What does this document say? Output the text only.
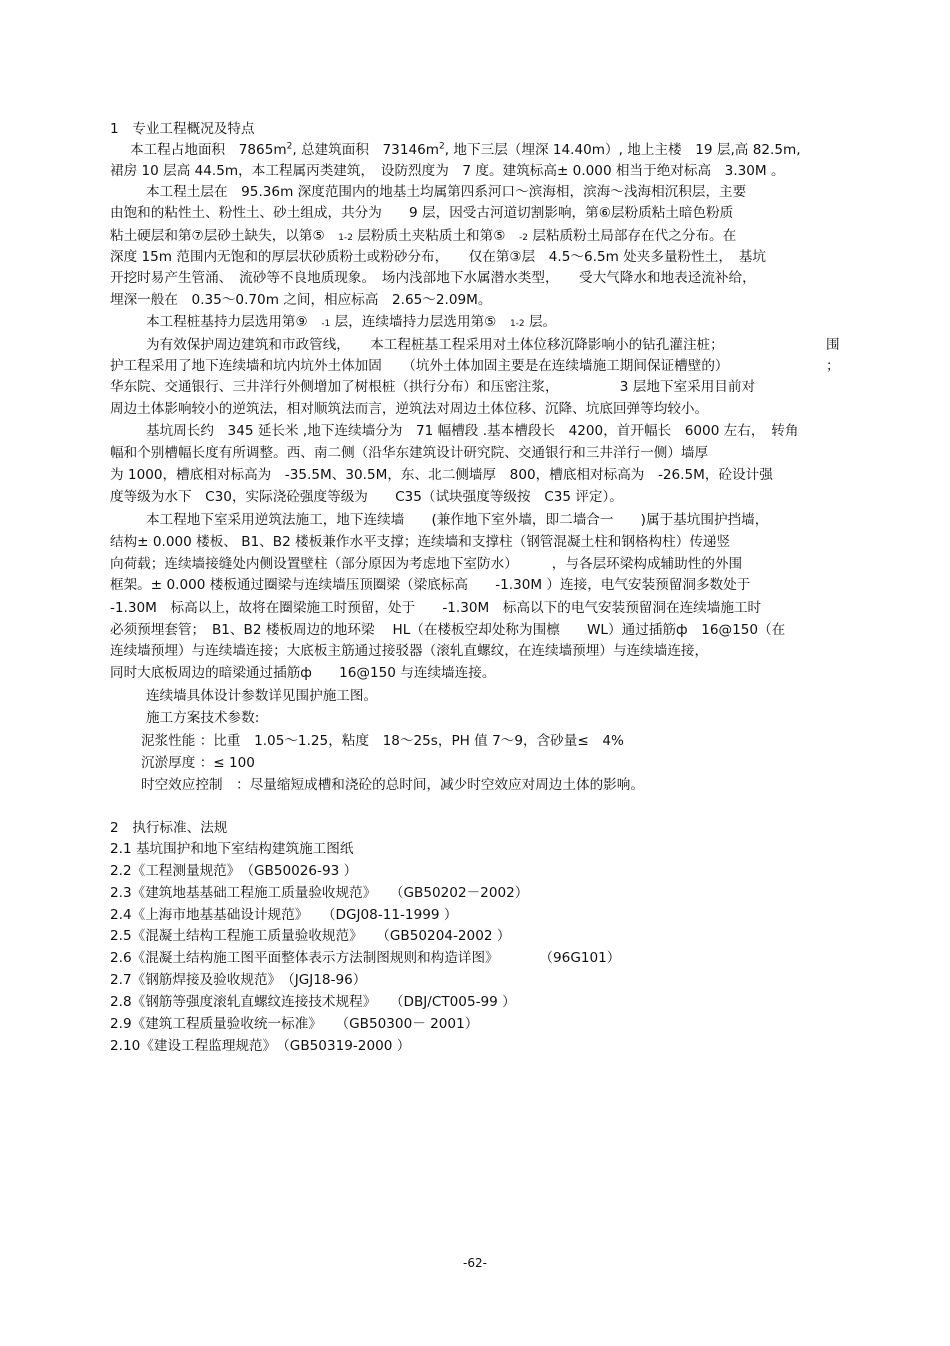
1　专业工程概况及特点

本工程占地面积　$7865m^2$, 总建筑面积　$73146m^2$, 地下三层（埋深 14.40m）, 地上主楼　19 层,高 82.5m,

裙房 10 层高 44.5m，本工程属丙类建筑，　设防烈度为　7 度。建筑标高± 0.000 相当于绝对标高　3.30M 。

本工程土层在　95.36m 深度范围内的地基土均属第四系河口～滨海相，滨海～浅海相沉积层，主要

由饱和的粘性土、粉性土、砂土组成，共分为　　9 层，因受古河道切割影响，第⑥层粉质粘土暗色粉质

粘土硬层和第⑦层砂土缺失，以第⑤　1-2 层粉质土夹粘质土和第⑤　-2 层粘质粉土局部存在代之分布。在

深度 15m 范围内无饱和的厚层状砂质粉土或粉砂分布，　　仅在第③层　4.5～6.5m 处夹多量粉性土，　基坑

开挖时易产生管涌、　流砂等不良地质现象。　场内浅部地下水属潜水类型，　　受大气降水和地表迳流补给，

埋深一般在　0.35～0.70m 之间，相应标高　2.65～2.09M。

本工程桩基持力层选用第⑨　-1 层，连续墙持力层选用第⑤　1-2 层。

为有效保护周边建筑和市政管线，　　本工程桩基工程采用对土体位移沉降影响小的钻孔灌注桩；	围

护工程采用了地下连续墙和坑内坑外土体加固　　（坑外土体加固主要是在连续墙施工期间保证槽壁的）	；

华东院、交通银行、三井洋行外侧增加了树根桩（拱行分布）和压密注浆，　　　　　3 层地下室采用目前对

周边土体影响较小的逆筑法，相对顺筑法而言，逆筑法对周边土体位移、沉降、坑底回弹等均较小。

基坑周长约　345 延长米 ,地下连续墙分为　71 幅槽段 .基本槽段长　4200，首开幅长　6000 左右，　转角

幅和个别槽幅长度有所调整。西、南二侧（沿华东建筑设计研究院、交通银行和三井洋行一侧）墙厚

为 1000，槽底相对标高为　-35.5M、30.5M，东、北二侧墙厚　800，槽底相对标高为　-26.5M，砼设计强

度等级为水下　C30，实际浇砼强度等级为　　C35（试块强度等级按　C35 评定）。

本工程地下室采用逆筑法施工，地下连续墙　　(兼作地下室外墙，即二墙合一　　)属于基坑围护挡墙，

结构± 0.000 楼板、 B1、B2 楼板兼作水平支撑；连续墙和支撑柱（钢管混凝土柱和钢格构柱）传递竖

向荷载；连续墙接缝处内侧设置壁柱（部分原因为考虑地下室防水）　　　，与各层环梁构成辅助性的外围

框架。± 0.000 楼板通过圈梁与连续墙压顶圈梁（梁底标高　　-1.30M ）连接，电气安装预留洞多数处于

-1.30M　标高以上，故将在圈梁施工时预留，处于　　-1.30M　标高以下的电气安装预留洞在连续墙施工时

必须预埋套管；　B1、B2 楼板周边的地环梁　 HL（在楼板空却处称为围檩　　WL）通过插筋ф　16@150（在

连续墙预埋）与连续墙连接；大底板主筋通过接驳器（滚轧直螺纹，在连续墙预埋）与连续墙连接，

同时大底板周边的暗梁通过插筋ф　　16@150 与连续墙连接。

连续墙具体设计参数详见围护施工图。

施工方案技术参数:

泥浆性能 ：比重　1.05～1.25，粘度　18～25s，PH 值 7～9，含砂量≤　4%

沉淤厚度 ：≤ 100

时空效应控制　：尽量缩短成槽和浇砼的总时间，减少时空效应对周边土体的影响。

2　执行标准、法规

2.1 基坑围护和地下室结构建筑施工图纸

2.2《工程测量规范》　（GB50026-93 ）

2.3《建筑地基基础工程施工质量验收规范》　　（GB50202－2002）

2.4《上海市地基基础设计规范》　　（DGJ08-11-1999 ）

2.5《混凝土结构工程施工质量验收规范》　　（GB50204-2002 ）

2.6《混凝土结构施工图平面整体表示方法制图规则和构造详图》　　　　（96G101）

2.7《钢筋焊接及验收规范》　（JGJ18-96）

2.8《钢筋等强度滚轧直螺纹连接技术规程》　　（DBJ/CT005-99 ）

2.9《建筑工程质量验收统一标准》　　（GB50300－ 2001）

2.10《建设工程监理规范》　（GB50319-2000 ）

-62-
